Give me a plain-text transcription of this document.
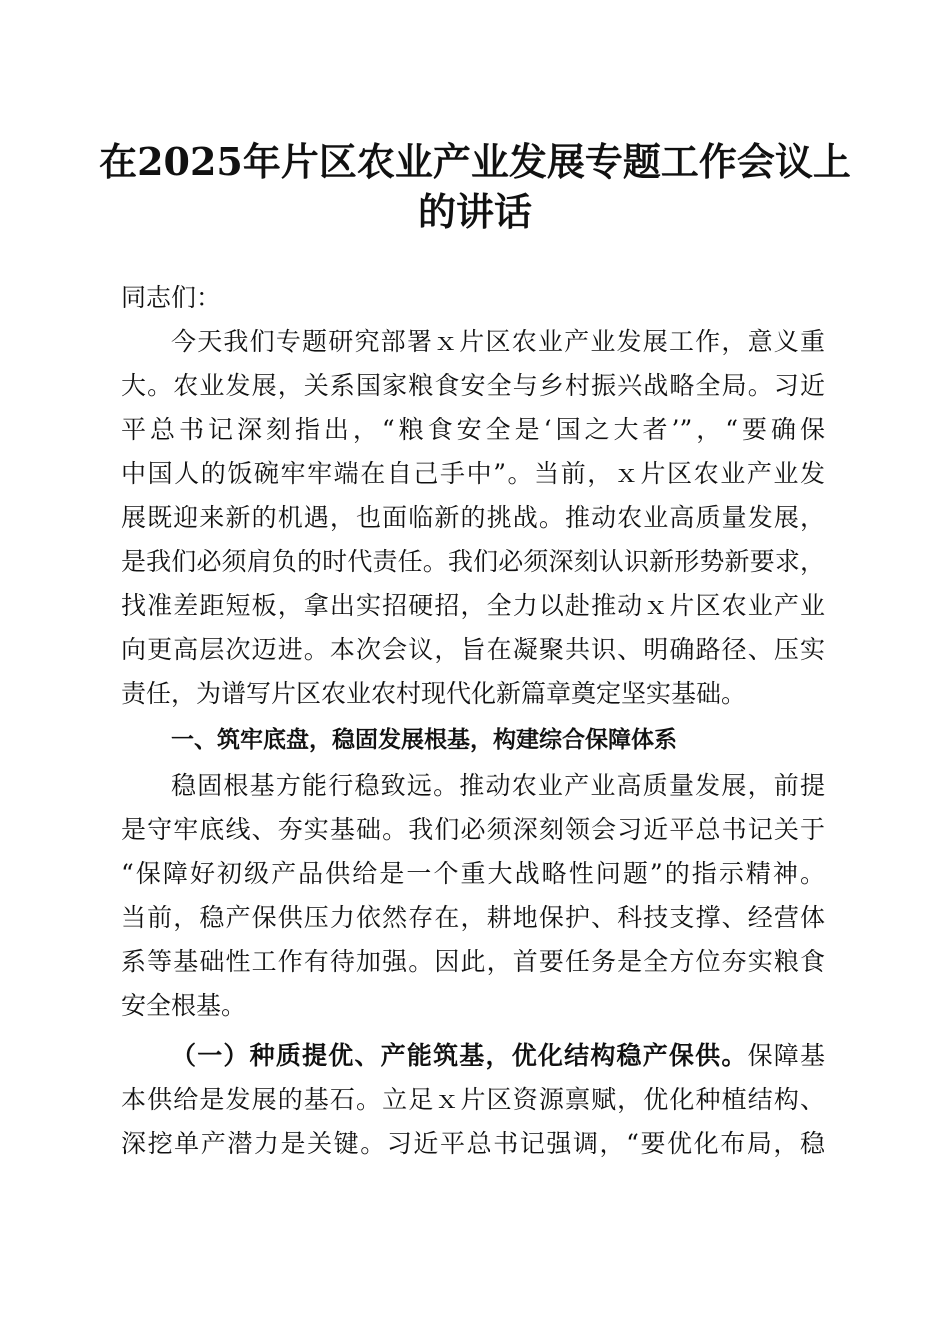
在2025年片区农业产业发展专题工作会议上
的讲话

同志们：

今天我们专题研究部署ｘ片区农业产业发展工作，意义重

大。农业发展，关系国家粮食安全与乡村振兴战略全局。习近

平总书记深刻指出，“粮食安全是‘国之大者’”，“要确保

中国人的饭碗牢牢端在自己手中”。当前，ｘ片区农业产业发

展既迎来新的机遇，也面临新的挑战。推动农业高质量发展，

是我们必须肩负的时代责任。我们必须深刻认识新形势新要求，

找准差距短板，拿出实招硬招，全力以赴推动ｘ片区农业产业

向更高层次迈进。本次会议，旨在凝聚共识、明确路径、压实

责任，为谱写片区农业农村现代化新篇章奠定坚实基础。

一、筑牢底盘，稳固发展根基，构建综合保障体系

稳固根基方能行稳致远。推动农业产业高质量发展，前提

是守牢底线、夯实基础。我们必须深刻领会习近平总书记关于

“保障好初级产品供给是一个重大战略性问题”的指示精神。

当前，稳产保供压力依然存在，耕地保护、科技支撑、经营体

系等基础性工作有待加强。因此，首要任务是全方位夯实粮食

安全根基。

（一）种质提优、产能筑基，优化结构稳产保供。保障基

本供给是发展的基石。立足ｘ片区资源禀赋，优化种植结构、

深挖单产潜力是关键。习近平总书记强调，“要优化布局，稳
